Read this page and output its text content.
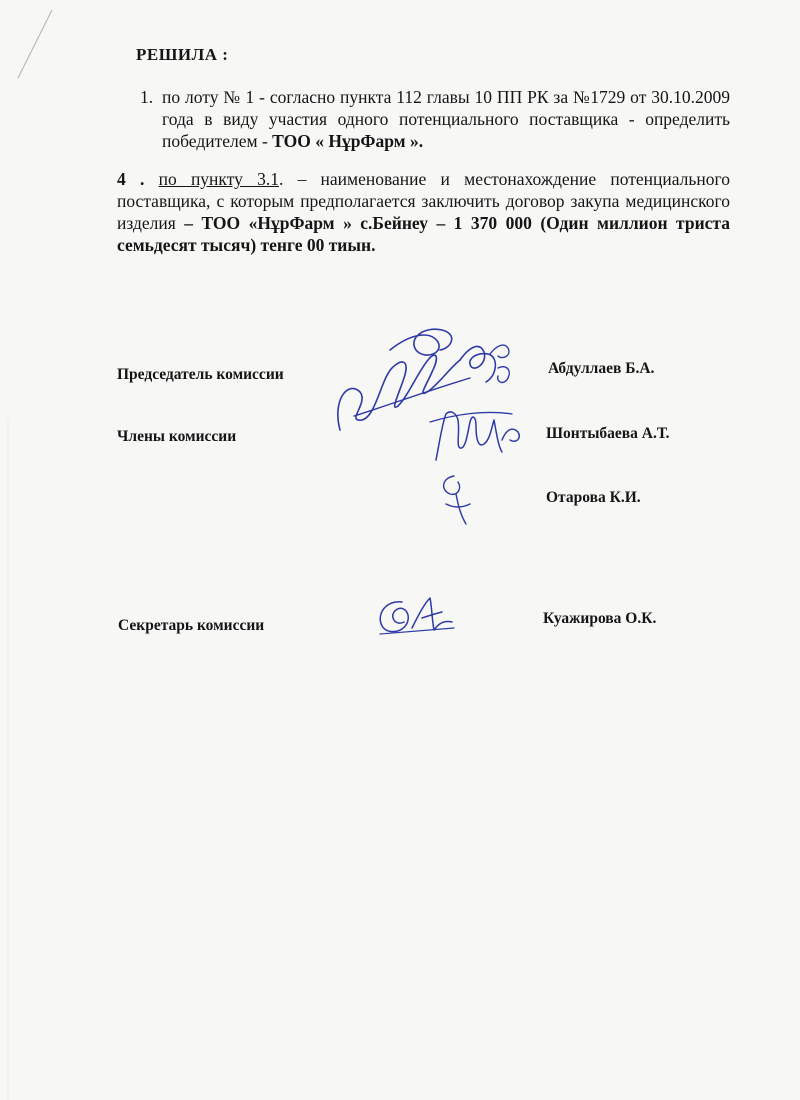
РЕШИЛА :
1. по лоту № 1 - согласно пункта 112 главы 10 ПП РК за №1729 от 30.10.2009 года в виду участия одного потенциального поставщика - определить победителем - ТОО « НұрФарм ».
4 . по пункту 3.1. – наименование и местонахождение потенциального поставщика, с которым предполагается заключить договор закупа медицинского изделия – ТОО «НұрФарм » с.Бейнеу – 1 370 000 (Один миллион триста семьдесят тысяч) тенге 00 тиын.
Председатель комиссии	Абдуллаев Б.А.
Члены комиссии	Шонтыбаева А.Т.
Отарова К.И.
Секретарь комиссии	Куажирова О.К.
